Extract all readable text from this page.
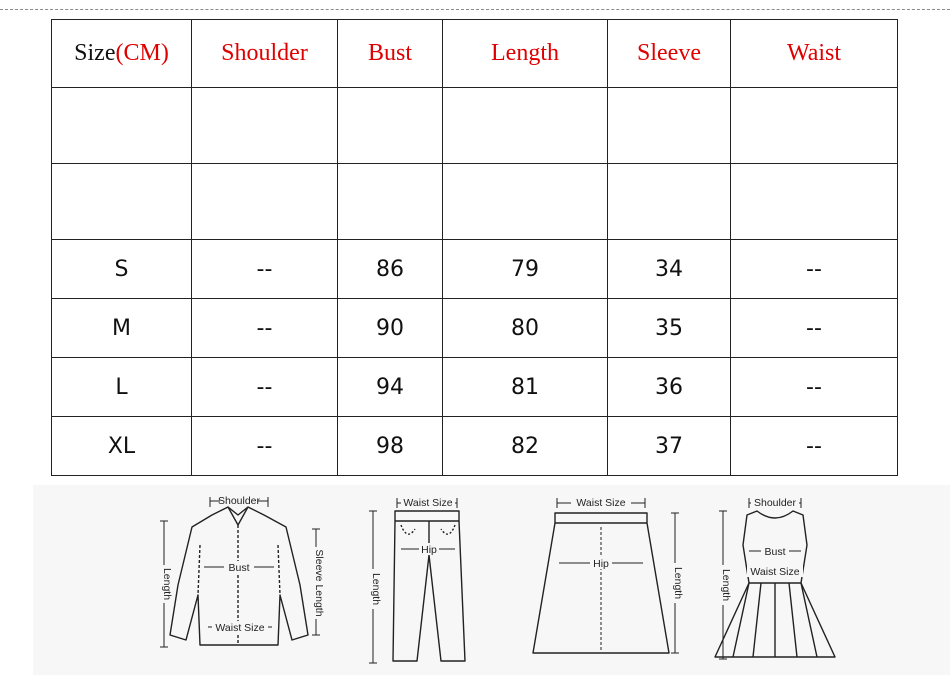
Size(CM)	Shoulder	Bust	Length	Sleeve	Waist

S	--	86	79	34	--
M	--	90	80	35	--
L	--	94	81	36	--
XL	--	98	82	37	--
Shoulder
Bust
Waist Size
Length	Sleeve Length
Waist Size
Hip
Length
Waist Size
Hip
Length
Shoulder
Bust
Waist Size
Length
